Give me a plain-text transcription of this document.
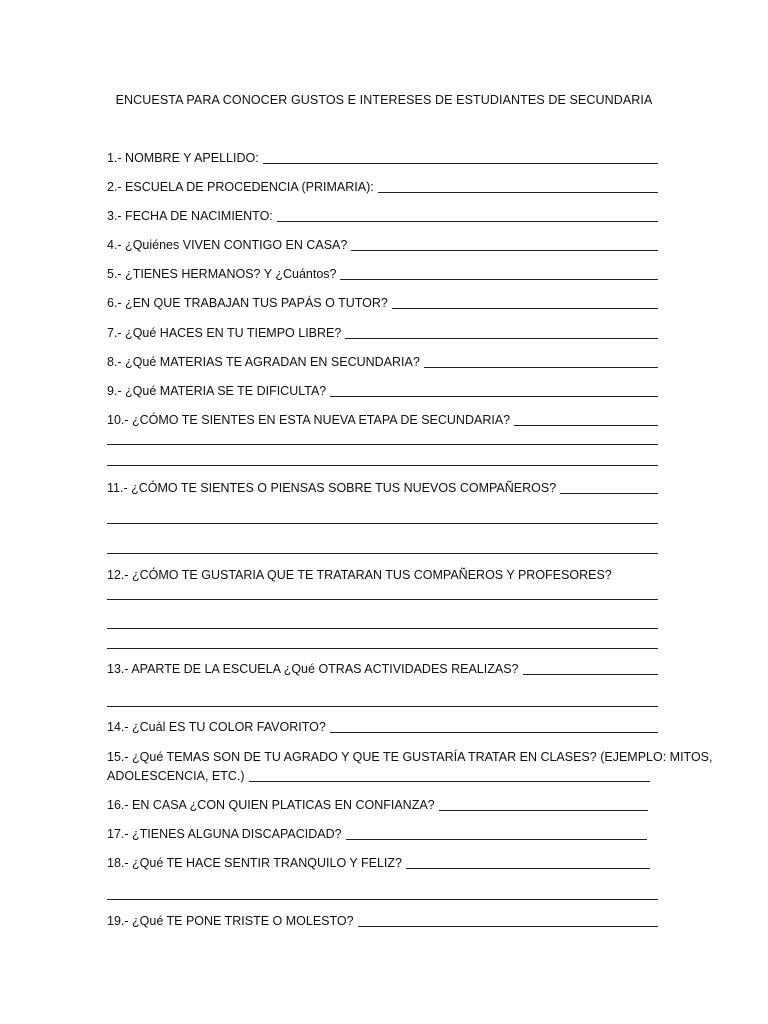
ENCUESTA PARA CONOCER GUSTOS E INTERESES DE ESTUDIANTES DE SECUNDARIA
1.- NOMBRE Y APELLIDO:
2.- ESCUELA DE PROCEDENCIA (PRIMARIA):
3.- FECHA DE NACIMIENTO:
4.- ¿Quiénes VIVEN CONTIGO EN CASA?
5.- ¿TIENES HERMANOS? Y ¿Cuántos?
6.- ¿EN QUE TRABAJAN TUS PAPÁS O TUTOR?
7.- ¿Qué HACES EN TU TIEMPO LIBRE?
8.- ¿Qué MATERIAS TE AGRADAN EN SECUNDARIA?
9.- ¿Qué MATERIA SE TE DIFICULTA?
10.- ¿CÓMO TE SIENTES EN ESTA NUEVA ETAPA DE SECUNDARIA?
11.- ¿CÓMO TE SIENTES O PIENSAS SOBRE TUS NUEVOS COMPAÑEROS?
12.- ¿CÓMO TE GUSTARIA QUE TE TRATARAN TUS COMPAÑEROS Y PROFESORES?
13.- APARTE DE LA ESCUELA ¿Qué OTRAS ACTIVIDADES REALIZAS?
14.- ¿Cuál ES TU COLOR FAVORITO?
15.- ¿Qué TEMAS SON DE TU AGRADO Y QUE TE GUSTARÍA TRATAR EN CLASES? (EJEMPLO: MITOS,
ADOLESCENCIA, ETC.)
16.- EN CASA ¿CON QUIEN PLATICAS EN CONFIANZA?
17.- ¿TIENES ALGUNA DISCAPACIDAD?
18.- ¿Qué TE HACE SENTIR TRANQUILO Y FELIZ?
19.- ¿Qué TE PONE TRISTE O MOLESTO?
